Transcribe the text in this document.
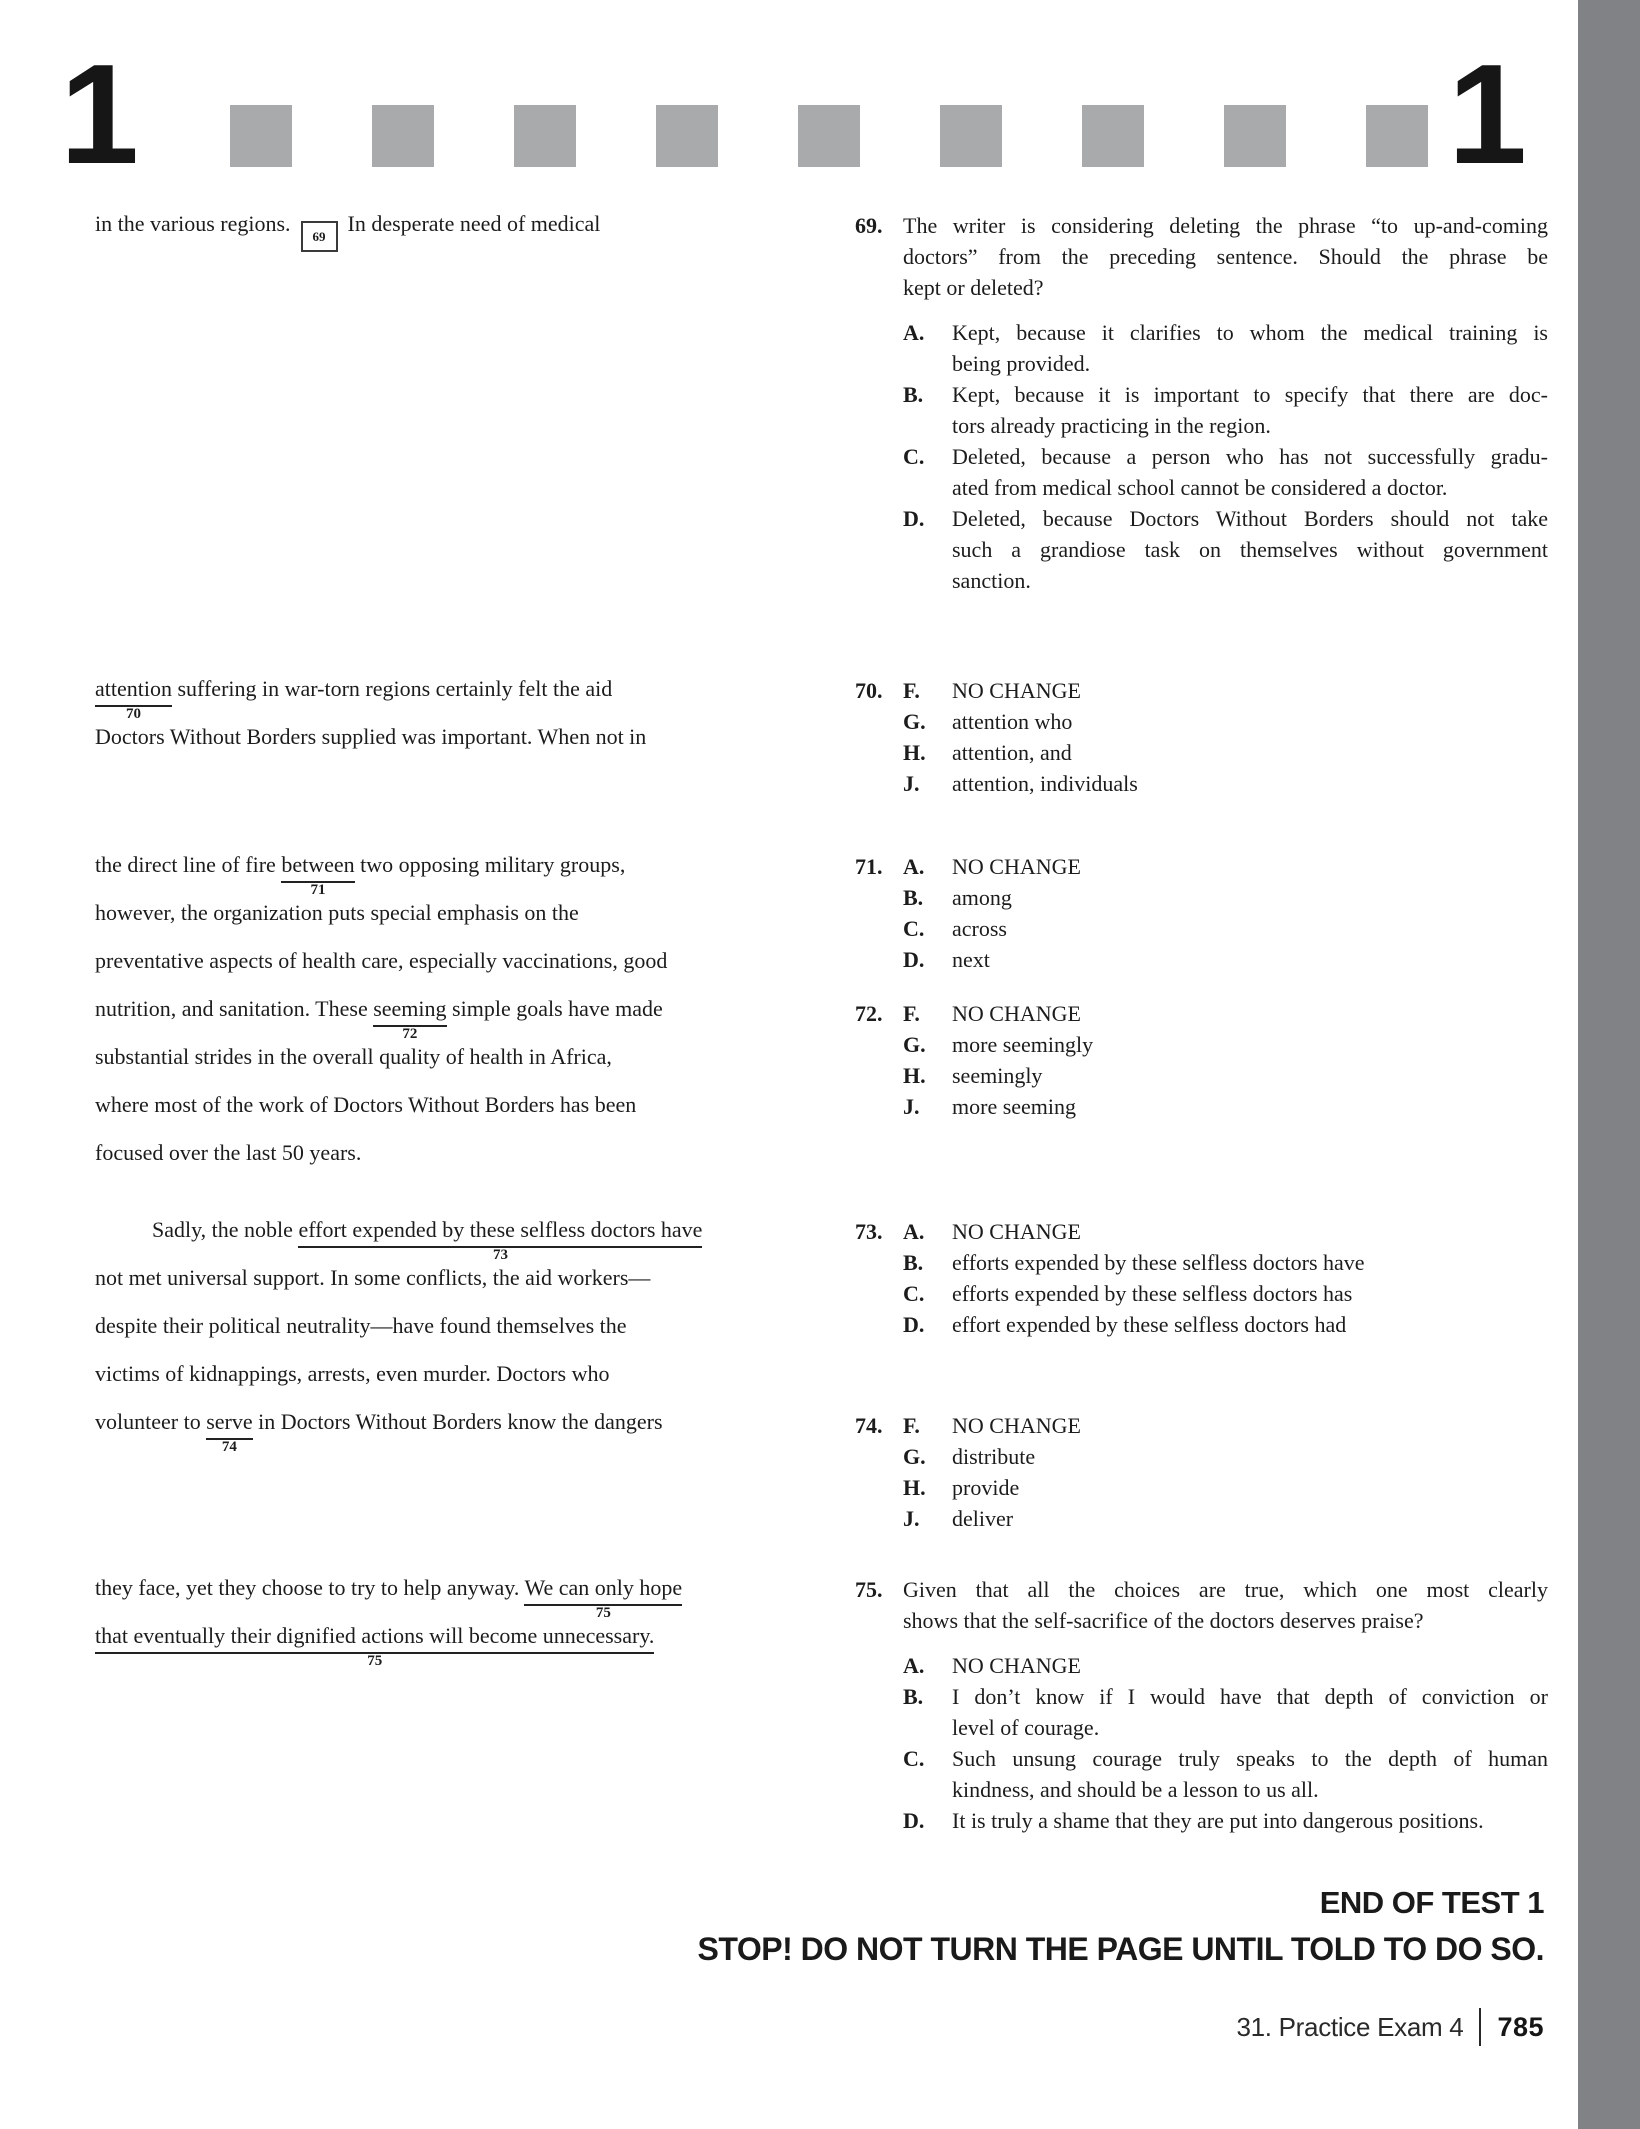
1	1
in the various regions.69In desperate need of medical
attention
70
suffering in war-torn regions certainly felt the aid
Doctors Without Borders supplied was important. When not in
the direct line of fire between
71
two opposing military groups,
however, the organization puts special emphasis on the
preventative aspects of health care, especially vaccinations, good
nutrition, and sanitation. These seeming
72
simple goals have made
substantial strides in the overall quality of health in Africa,
where most of the work of Doctors Without Borders has been
focused over the last 50 years.
Sadly, the noble effort expended by these selfless doctors have
73
not met universal support. In some conflicts, the aid workers—
despite their political neutrality—have found themselves the
victims of kidnappings, arrests, even murder. Doctors who
volunteer to serve
74
in Doctors Without Borders know the dangers
they face, yet they choose to try to help anyway. We can only hope
75
that eventually their dignified actions will become unnecessary.
75
69. The writer is considering deleting the phrase “to up-and-coming
doctors” from the preceding sentence. Should the phrase be
kept or deleted?
A.	Kept, because it clarifies to whom the medical training is
being provided.
B.	Kept, because it is important to specify that there are doc-
tors already practicing in the region.
C.	Deleted, because a person who has not successfully gradu-
ated from medical school cannot be considered a doctor.
D.	Deleted, because Doctors Without Borders should not take
such a grandiose task on themselves without government
sanction.
70. F.	NO CHANGE
G.	attention who
H.	attention, and
J.	attention, individuals
71. A.	NO CHANGE
B.	among
C.	across
D.	next
72. F.	NO CHANGE
G.	more seemingly
H.	seemingly
J.	more seeming
73. A.	NO CHANGE
B.	efforts expended by these selfless doctors have
C.	efforts expended by these selfless doctors has
D.	effort expended by these selfless doctors had
74. F.	NO CHANGE
G.	distribute
H.	provide
J.	deliver
75. Given that all the choices are true, which one most clearly
shows that the self-sacrifice of the doctors deserves praise?
A.	NO CHANGE
B.	I don’t know if I would have that depth of conviction or
level of courage.
C.	Such unsung courage truly speaks to the depth of human
kindness, and should be a lesson to us all.
D.	It is truly a shame that they are put into dangerous positions.
END OF TEST 1
STOP! DO NOT TURN THE PAGE UNTIL TOLD TO DO SO.
31. Practice Exam 4 785
